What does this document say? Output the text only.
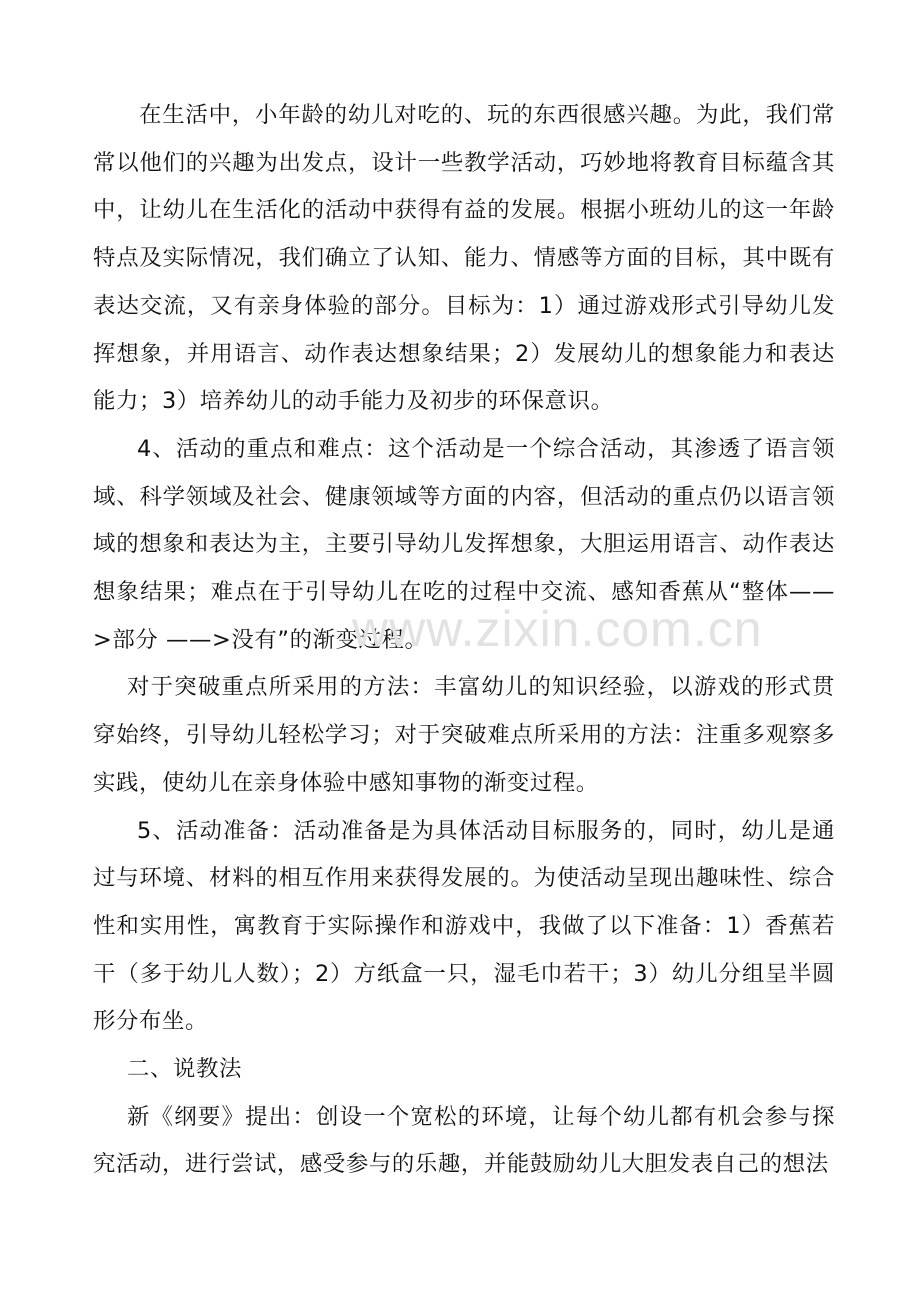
在生活中，小年龄的幼儿对吃的、玩的东西很感兴趣。为此，我们常常以他们的兴趣为出发点，设计一些教学活动，巧妙地将教育目标蕴含其中，让幼儿在生活化的活动中获得有益的发展。根据小班幼儿的这一年龄特点及实际情况，我们确立了认知、能力、情感等方面的目标，其中既有表达交流，又有亲身体验的部分。目标为：1）通过游戏形式引导幼儿发挥想象，并用语言、动作表达想象结果；2）发展幼儿的想象能力和表达能力；3）培养幼儿的动手能力及初步的环保意识。

4、活动的重点和难点：这个活动是一个综合活动，其渗透了语言领域、科学领域及社会、健康领域等方面的内容，但活动的重点仍以语言领域的想象和表达为主，主要引导幼儿发挥想象，大胆运用语言、动作表达想象结果；难点在于引导幼儿在吃的过程中交流、感知香蕉从“整体——>部分 ——>没有”的渐变过程。

对于突破重点所采用的方法：丰富幼儿的知识经验，以游戏的形式贯穿始终，引导幼儿轻松学习；对于突破难点所采用的方法：注重多观察多实践，使幼儿在亲身体验中感知事物的渐变过程。

5、活动准备：活动准备是为具体活动目标服务的，同时，幼儿是通过与环境、材料的相互作用来获得发展的。为使活动呈现出趣味性、综合性和实用性，寓教育于实际操作和游戏中，我做了以下准备：1）香蕉若干（多于幼儿人数）；2）方纸盒一只，湿毛巾若干；3）幼儿分组呈半圆形分布坐。

二、说教法

新《纲要》提出：创设一个宽松的环境，让每个幼儿都有机会参与探究活动，进行尝试，感受参与的乐趣，并能鼓励幼儿大胆发表自己的想法

www.zixin.com.cn
